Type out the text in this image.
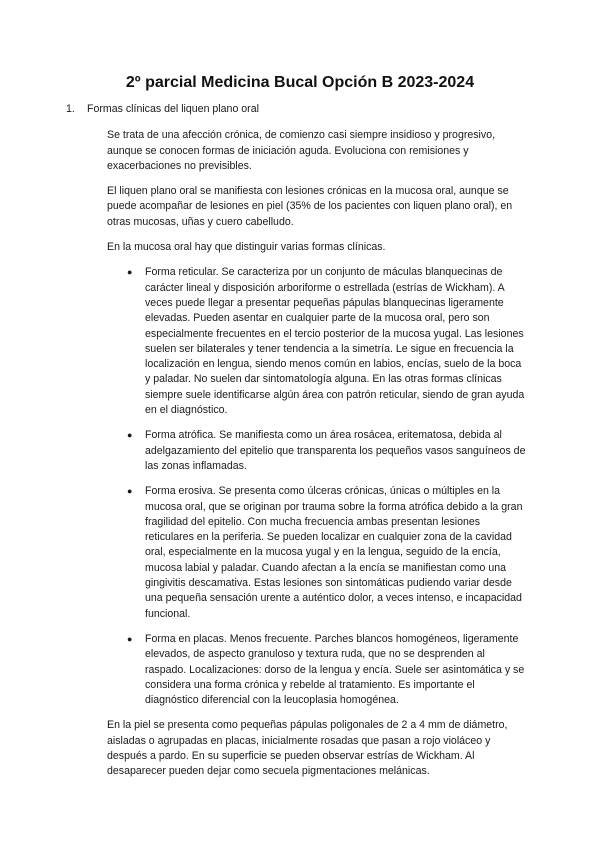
2º parcial Medicina Bucal Opción B 2023-2024
1. Formas clínicas del liquen plano oral

Se trata de una afección crónica, de comienzo casi siempre insidioso y progresivo, aunque se conocen formas de iniciación aguda. Evoluciona con remisiones y exacerbaciones no previsibles.

El liquen plano oral se manifiesta con lesiones crónicas en la mucosa oral, aunque se puede acompañar de lesiones en piel (35% de los pacientes con liquen plano oral), en otras mucosas, uñas y cuero cabelludo.

En la mucosa oral hay que distinguir varias formas clínicas.

● Forma reticular. Se caracteriza por un conjunto de máculas blanquecinas de carácter lineal y disposición arboriforme o estrellada (estrías de Wickham). A veces puede llegar a presentar pequeñas pápulas blanquecinas ligeramente elevadas. Pueden asentar en cualquier parte de la mucosa oral, pero son especialmente frecuentes en el tercio posterior de la mucosa yugal. Las lesiones suelen ser bilaterales y tener tendencia a la simetría. Le sigue en frecuencia la localización en lengua, siendo menos común en labios, encías, suelo de la boca y paladar. No suelen dar sintomatología alguna. En las otras formas clínicas siempre suele identificarse algún área con patrón reticular, siendo de gran ayuda en el diagnóstico.
● Forma atrófica. Se manifiesta como un área rosácea, eritematosa, debida al adelgazamiento del epitelio que transparenta los pequeños vasos sanguíneos de las zonas inflamadas.
● Forma erosiva. Se presenta como úlceras crónicas, únicas o múltiples en la mucosa oral, que se originan por trauma sobre la forma atrófica debido a la gran fragilidad del epitelio. Con mucha frecuencia ambas presentan lesiones reticulares en la periferia. Se pueden localizar en cualquier zona de la cavidad oral, especialmente en la mucosa yugal y en la lengua, seguido de la encía, mucosa labial y paladar. Cuando afectan a la encía se manifiestan como una gingivitis descamativa. Estas lesiones son sintomáticas pudiendo variar desde una pequeña sensación urente a auténtico dolor, a veces intenso, e incapacidad funcional.
● Forma en placas. Menos frecuente. Parches blancos homogéneos, ligeramente elevados, de aspecto granuloso y textura ruda, que no se desprenden al raspado. Localizaciones: dorso de la lengua y encía. Suele ser asintomática y se considera una forma crónica y rebelde al tratamiento. Es importante el diagnóstico diferencial con la leucoplasia homogénea.

En la piel se presenta como pequeñas pápulas poligonales de 2 a 4 mm de diámetro, aisladas o agrupadas en placas, inicialmente rosadas que pasan a rojo violáceo y después a pardo. En su superficie se pueden observar estrías de Wickham. Al desaparecer pueden dejar como secuela pigmentaciones melánicas.
